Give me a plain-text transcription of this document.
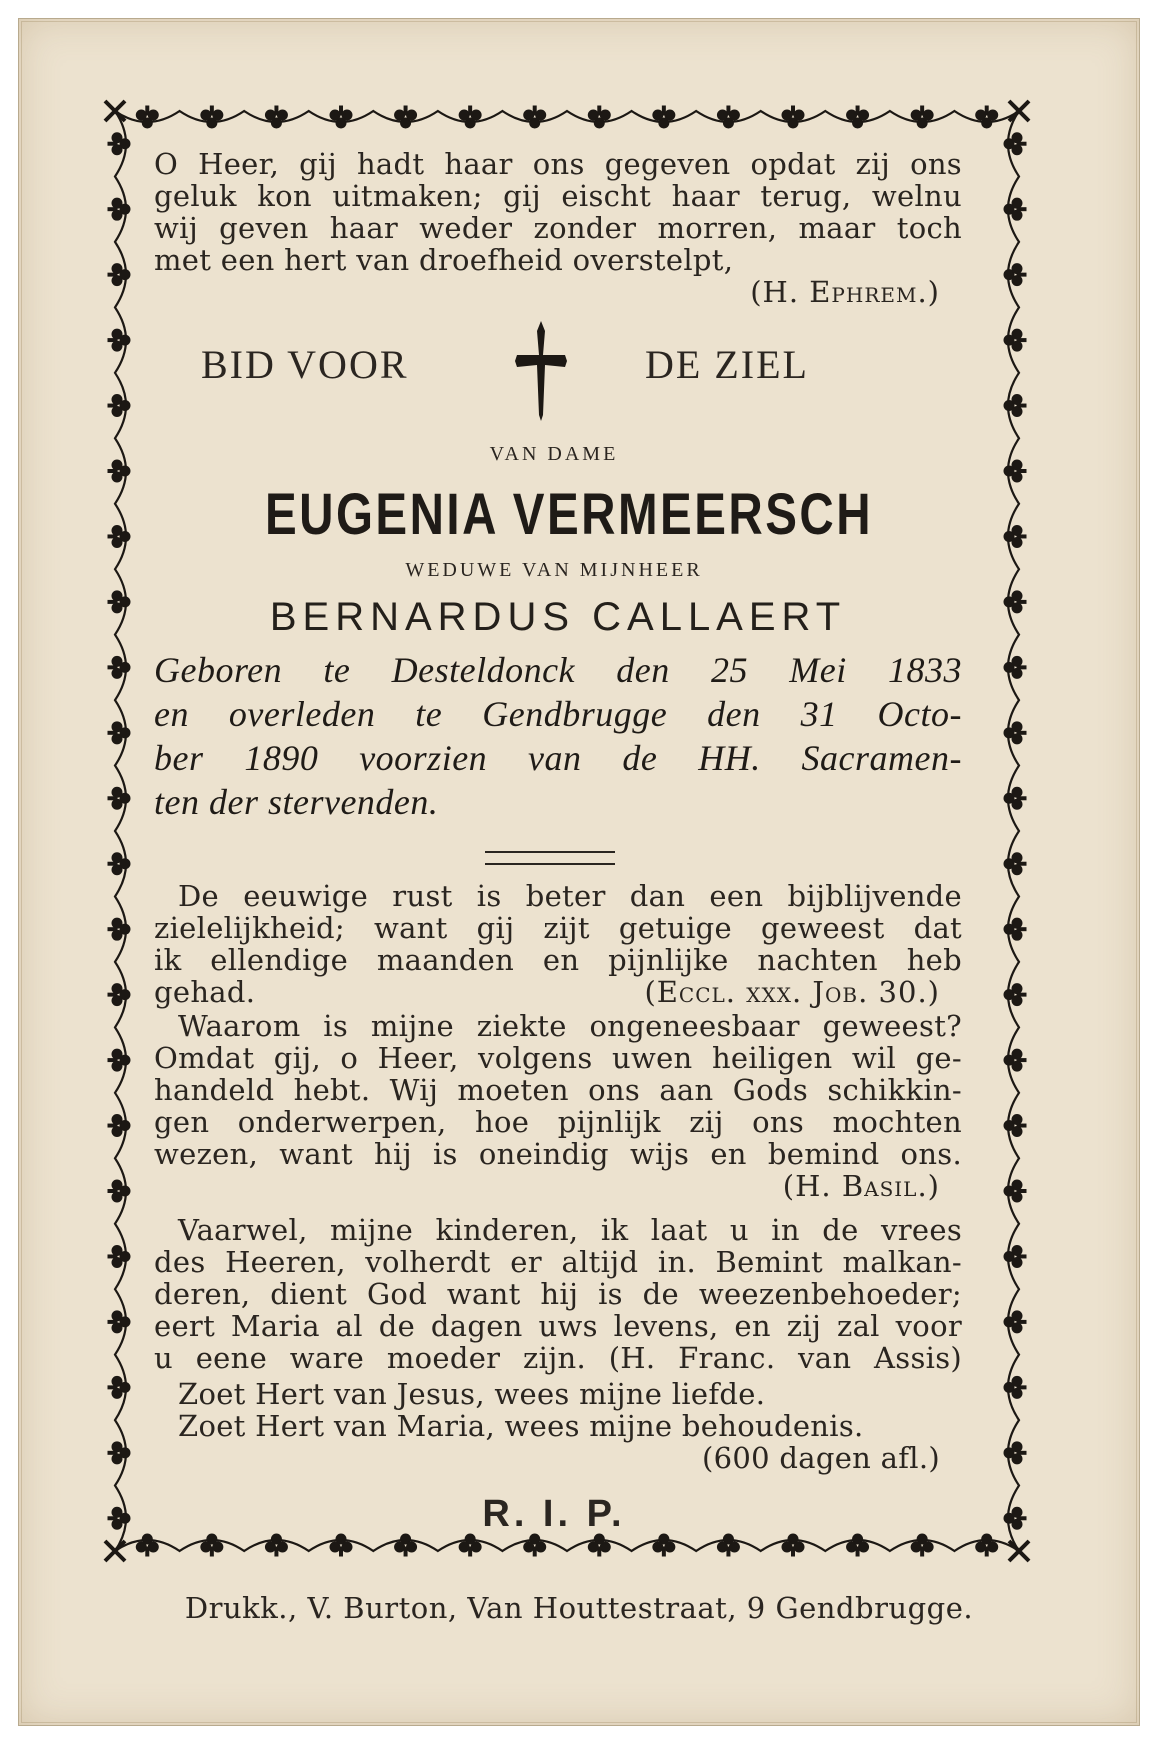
O Heer, gij hadt haar ons gegeven opdat zij ons
geluk kon uitmaken; gij eischt haar terug, welnu
wij geven haar weder zonder morren, maar toch
met een hert van droefheid overstelpt,
(H. Ephrem.)
BID VOOR	DE ZIEL
VAN DAME
EUGENIA VERMEERSCH
WEDUWE VAN MIJNHEER
BERNARDUS CALLAERT
Geboren te Desteldonck den 25 Mei 1833
en overleden te Gendbrugge den 31 Octo-
ber 1890 voorzien van de HH. Sacramen-
ten der stervenden.
De eeuwige rust is beter dan een bijblijvende
zielelijkheid; want gij zijt getuige geweest dat
ik ellendige maanden en pijnlijke nachten heb
gehad.	(Eccl. xxx. Job. 30.)
Waarom is mijne ziekte ongeneesbaar geweest?
Omdat gij, o Heer, volgens uwen heiligen wil ge-
handeld hebt. Wij moeten ons aan Gods schikkin-
gen onderwerpen, hoe pijnlijk zij ons mochten
wezen, want hij is oneindig wijs en bemind ons.
(H. Basil.)
Vaarwel, mijne kinderen, ik laat u in de vrees
des Heeren, volherdt er altijd in. Bemint malkan-
deren, dient God want hij is de weezenbehoeder;
eert Maria al de dagen uws levens, en zij zal voor
u eene ware moeder zijn. (H. Franc. van Assis)
Zoet Hert van Jesus, wees mijne liefde.
Zoet Hert van Maria, wees mijne behoudenis.
(600 dagen afl.)
R. I. P.
Drukk., V. Burton, Van Houttestraat, 9 Gendbrugge.
